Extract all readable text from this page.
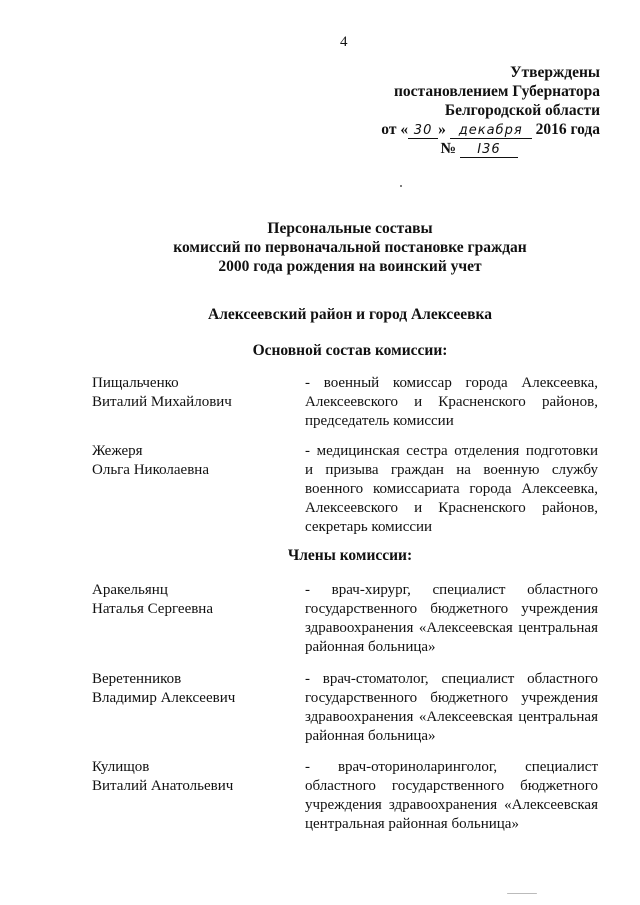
4
Утверждены
постановлением Губернатора
Белгородской области
от « 30 » декабря 2016 года
№ I36
Персональные составы
комиссий по первоначальной постановке граждан
2000 года рождения на воинский учет
Алексеевский район и город Алексеевка
Основной состав комиссии:
Пищальченко
Виталий Михайлович
- военный комиссар города Алексеевка, Алексеевского и Красненского районов, председатель комиссии
Жежеря
Ольга Николаевна
- медицинская сестра отделения подготовки и призыва граждан на военную службу военного комиссариата города Алексеевка, Алексеевского и Красненского районов, секретарь комиссии
Члены комиссии:
Аракельянц
Наталья Сергеевна
- врач-хирург, специалист областного государственного бюджетного учреждения здравоохранения «Алексеевская центральная районная больница»
Веретенников
Владимир Алексеевич
- врач-стоматолог, специалист областного государственного бюджетного учреждения здравоохранения «Алексеевская центральная районная больница»
Кулищов
Виталий Анатольевич
- врач-оториноларинголог, специалист областного государственного бюджетного учреждения здравоохранения «Алексеевская центральная районная больница»
